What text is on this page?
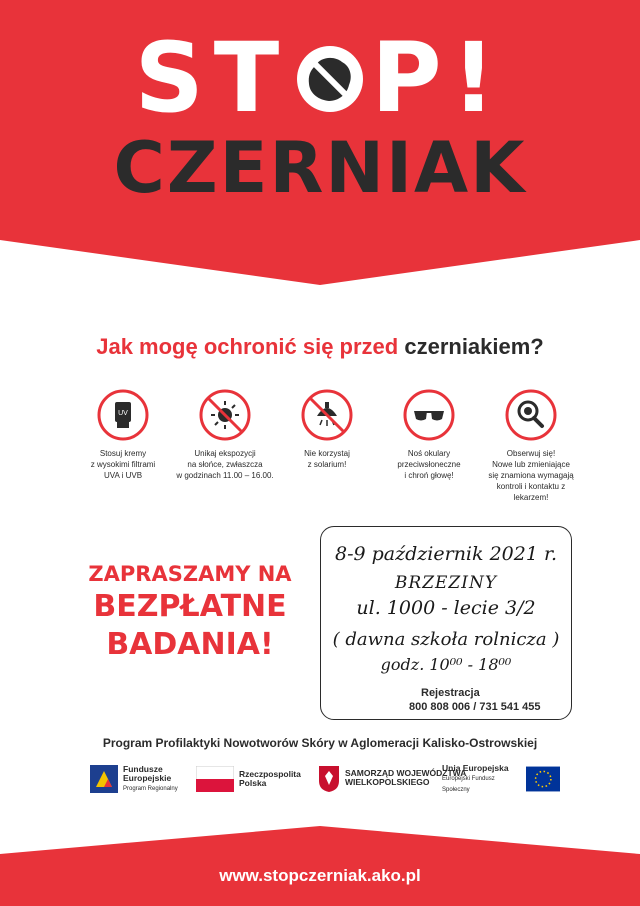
ST P!
CZERNIAK
Jak mogę ochronić się przed czerniakiem?
UV
Stosuj kremy
z wysokimi filtrami
UVA i UVB
Unikaj ekspozycji
na słońce, zwłaszcza
w godzinach 11.00 – 16.00.
Nie korzystaj
z solarium!
Noś okulary
przeciwsłoneczne
i chroń głowę!
Obserwuj się!
Nowe lub zmieniające
się znamiona wymagają
kontroli i kontaktu z lekarzem!
ZAPRASZAMY NA
BEZPŁATNE
BADANIA!
8-9 październik 2021 r.
BRZEZINY
ul. 1000 - lecie 3/2
( dawna szkoła rolnicza )
godz. 10⁰⁰ - 18⁰⁰
Rejestracja
800 808 006 / 731 541 455
Program Profilaktyki Nowotworów Skóry w Aglomeracji Kalisko-Ostrowskiej
Fundusze
Europejskie
Program Regionalny
Rzeczpospolita
Polska
SAMORZĄD WOJEWÓDZTWA
WIELKOPOLSKIEGO
Unia Europejska
Europejski Fundusz Społeczny
www.stopczerniak.ako.pl
